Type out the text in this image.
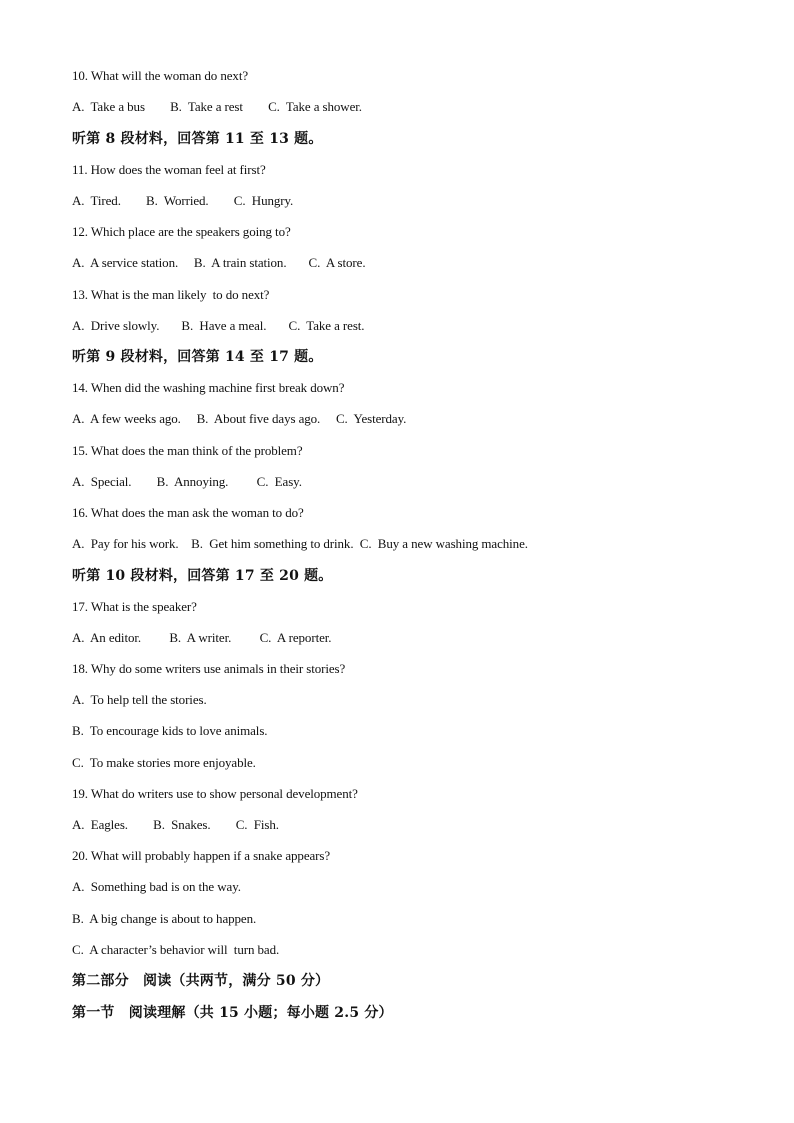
10. What will the woman do next?
A.  Take a bus        B.  Take a rest        C.  Take a shower.
听第 8 段材料，回答第 11 至 13 题。
11. How does the woman feel at first?
A.  Tired.        B.  Worried.        C.  Hungry.
12. Which place are the speakers going to?
A.  A service station.     B.  A train station.       C.  A store.
13. What is the man likely  to do next?
A.  Drive slowly.       B.  Have a meal.       C.  Take a rest.
听第 9 段材料，回答第 14 至 17 题。
14. When did the washing machine first break down?
A.  A few weeks ago.     B.  About five days ago.     C.  Yesterday.
15. What does the man think of the problem?
A.  Special.        B.  Annoying.         C.  Easy.
16. What does the man ask the woman to do?
A.  Pay for his work.    B.  Get him something to drink.  C.  Buy a new washing machine.
听第 10 段材料，回答第 17 至 20 题。
17. What is the speaker?
A.  An editor.         B.  A writer.         C.  A reporter.
18. Why do some writers use animals in their stories?
A.  To help tell the stories.
B.  To encourage kids to love animals.
C.  To make stories more enjoyable.
19. What do writers use to show personal development?
A.  Eagles.        B.  Snakes.        C.  Fish.
20. What will probably happen if a snake appears?
A.  Something bad is on the way.
B.  A big change is about to happen.
C.  A character’s behavior will  turn bad.
第二部分　阅读（共两节，满分 50 分）
第一节　阅读理解（共 15 小题；每小题 2.5 分）
